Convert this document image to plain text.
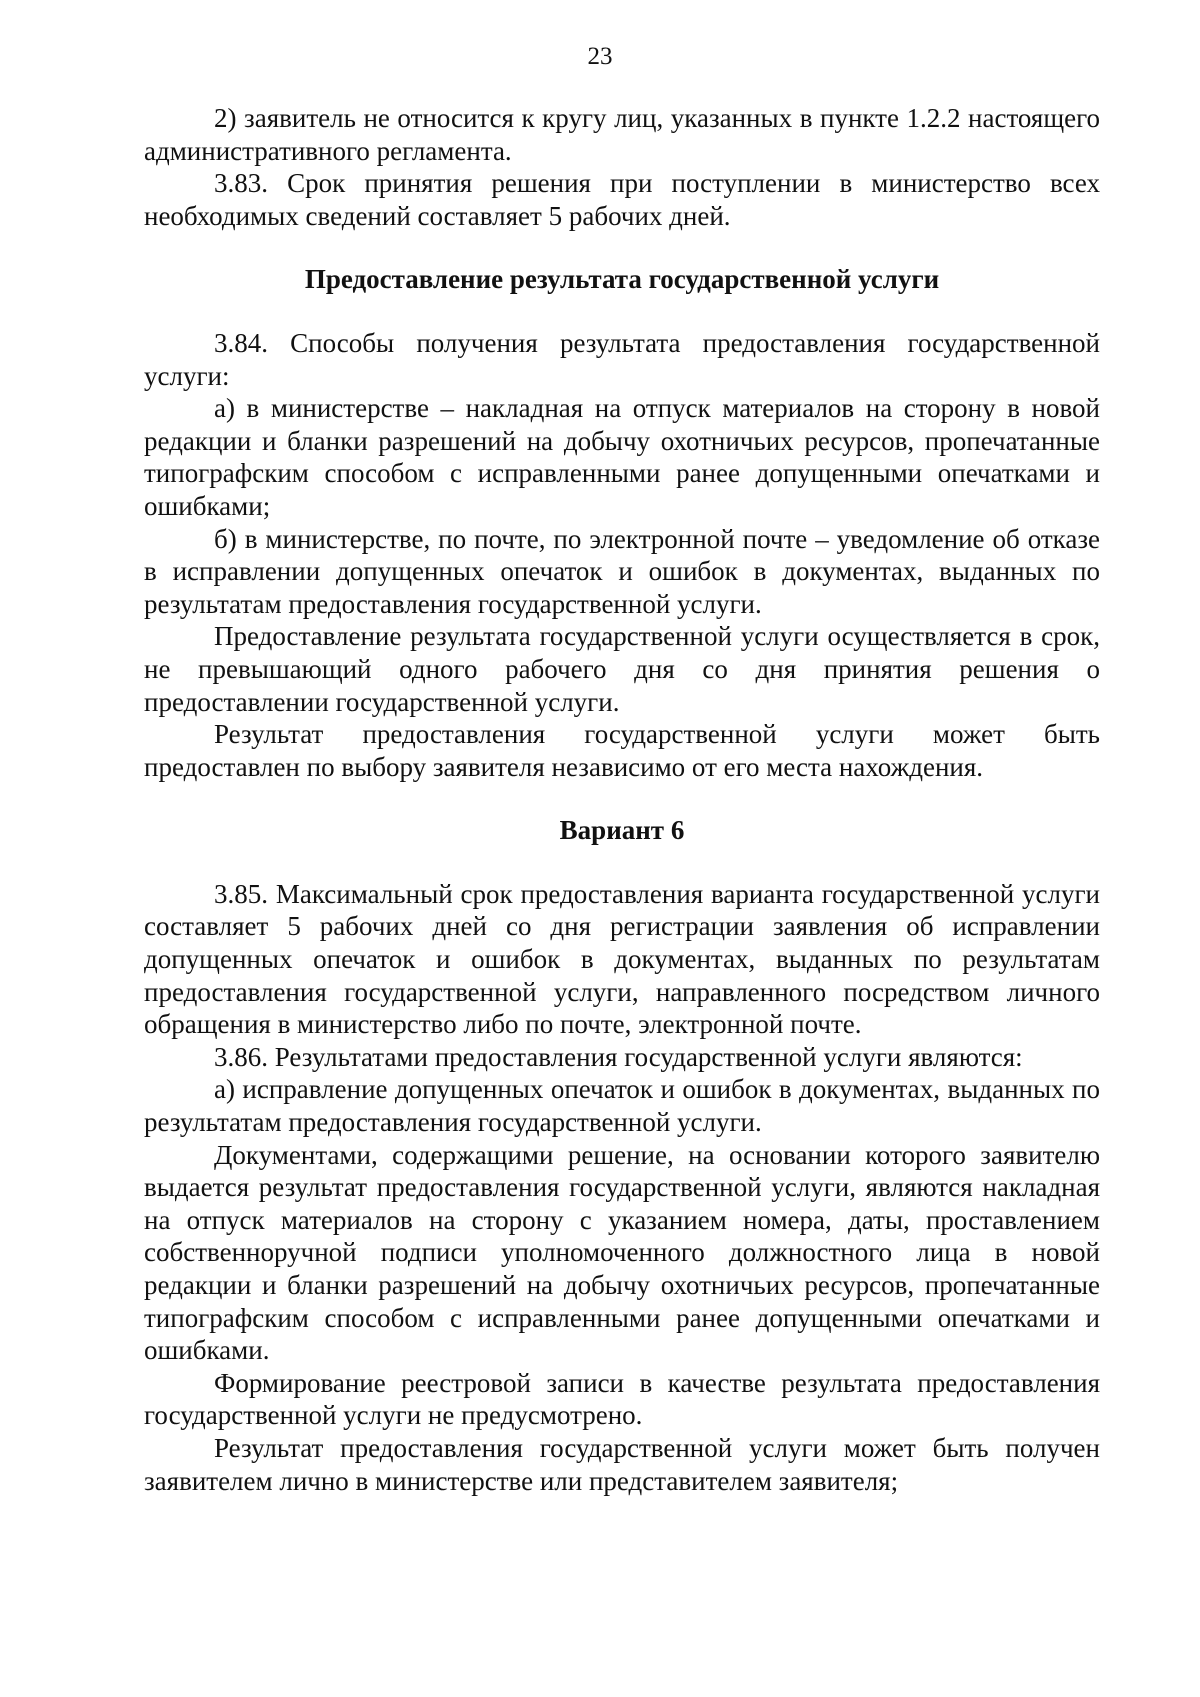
23

2) заявитель не относится к кругу лиц, указанных в пункте 1.2.2 настоящего административного регламента.

3.83. Срок принятия решения при поступлении в министерство всех необходимых сведений составляет 5 рабочих дней.

Предоставление результата государственной услуги

3.84. Способы получения результата предоставления государственной услуги:

а) в министерстве – накладная на отпуск материалов на сторону в новой редакции и бланки разрешений на добычу охотничьих ресурсов, пропечатанные типографским способом с исправленными ранее допущенными опечатками и ошибками;

б) в министерстве, по почте, по электронной почте – уведомление об отказе в исправлении допущенных опечаток и ошибок в документах, выданных по результатам предоставления государственной услуги.

Предоставление результата государственной услуги осуществляется в срок, не превышающий одного рабочего дня со дня принятия решения о предоставлении государственной услуги.

Результат предоставления государственной услуги может быть предоставлен по выбору заявителя независимо от его места нахождения.

Вариант 6

3.85. Максимальный срок предоставления варианта государственной услуги составляет 5 рабочих дней со дня регистрации заявления об исправлении допущенных опечаток и ошибок в документах, выданных по результатам предоставления государственной услуги, направленного посредством личного обращения в министерство либо по почте, электронной почте.

3.86. Результатами предоставления государственной услуги являются:

а) исправление допущенных опечаток и ошибок в документах, выданных по результатам предоставления государственной услуги.

Документами, содержащими решение, на основании которого заявителю выдается результат предоставления государственной услуги, являются накладная на отпуск материалов на сторону с указанием номера, даты, проставлением собственноручной подписи уполномоченного должностного лица в новой редакции и бланки разрешений на добычу охотничьих ресурсов, пропечатанные типографским способом с исправленными ранее допущенными опечатками и ошибками.

Формирование реестровой записи в качестве результата предоставления государственной услуги не предусмотрено.

Результат предоставления государственной услуги может быть получен заявителем лично в министерстве или представителем заявителя;
